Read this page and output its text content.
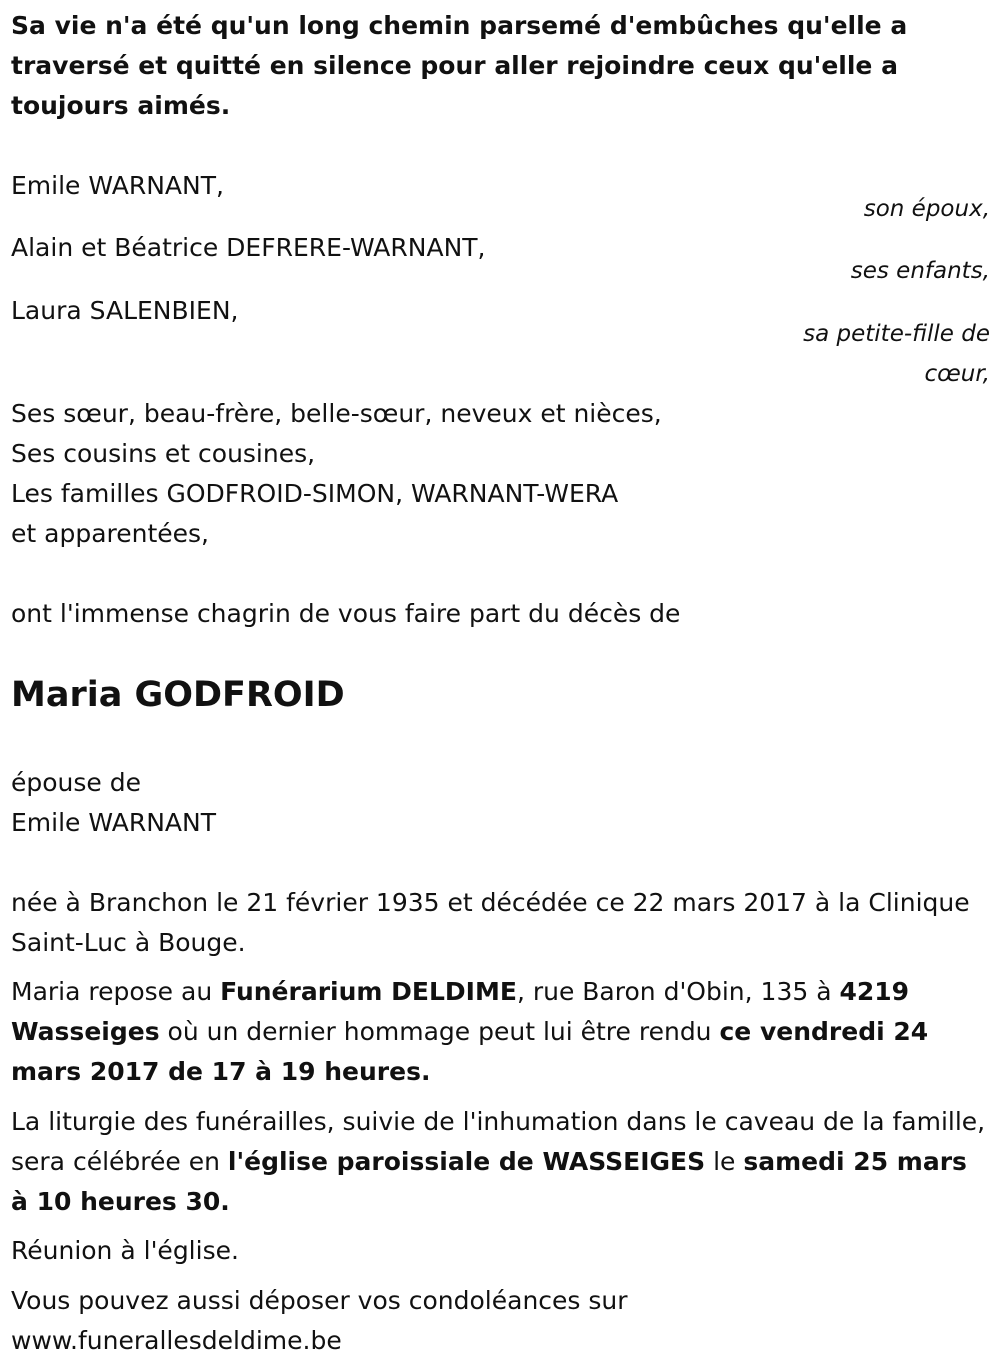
Sa vie n'a été qu'un long chemin parsemé d'embûches qu'elle a traversé et quitté en silence pour aller rejoindre ceux qu'elle a toujours aimés.

Emile WARNANT,
son époux,
Alain et Béatrice DEFRERE-WARNANT,
ses enfants,
Laura SALENBIEN,
sa petite-fille de
cœur,
Ses sœur, beau-frère, belle-sœur, neveux et nièces,
Ses cousins et cousines,
Les familles GODFROID-SIMON, WARNANT-WERA
et apparentées,
ont l'immense chagrin de vous faire part du décès de
Maria GODFROID
épouse de
Emile WARNANT

née à Branchon le 21 février 1935 et décédée ce 22 mars 2017 à la Clinique Saint-Luc à Bouge.

Maria repose au Funérarium DELDIME, rue Baron d'Obin, 135 à 4219 Wasseiges où un dernier hommage peut lui être rendu ce vendredi 24 mars 2017 de 17 à 19 heures.

La liturgie des funérailles, suivie de l'inhumation dans le caveau de la famille, sera célébrée en l'église paroissiale de WASSEIGES le samedi 25 mars à 10 heures 30.

Réunion à l'église.

Vous pouvez aussi déposer vos condoléances sur www.funerallesdeldime.be
